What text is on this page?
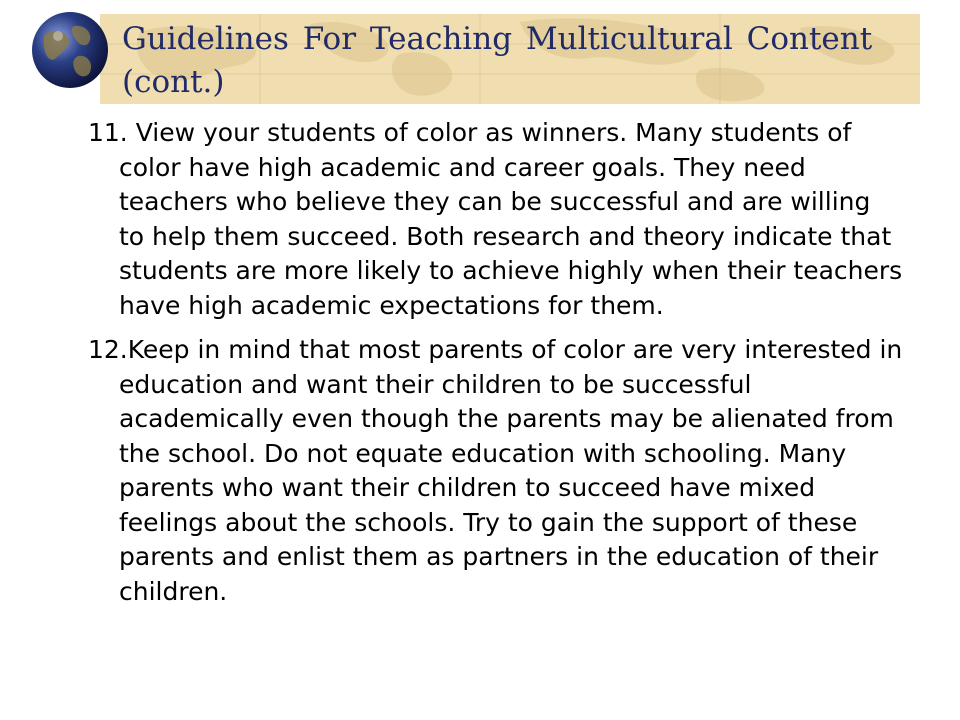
Guidelines For Teaching Multicultural Content (cont.)
11. View your students of color as winners. Many students of color have high academic and career goals. They need teachers who believe they can be successful and are willing to help them succeed. Both research and theory indicate that students are more likely to achieve highly when their teachers have high academic expectations for them.
12.Keep in mind that most parents of color are very interested in education and want their children to be successful academically even though the parents may be alienated from the school. Do not equate education with schooling. Many parents who want their children to succeed have mixed feelings about the schools. Try to gain the support of these parents and enlist them as partners in the education of their children.
